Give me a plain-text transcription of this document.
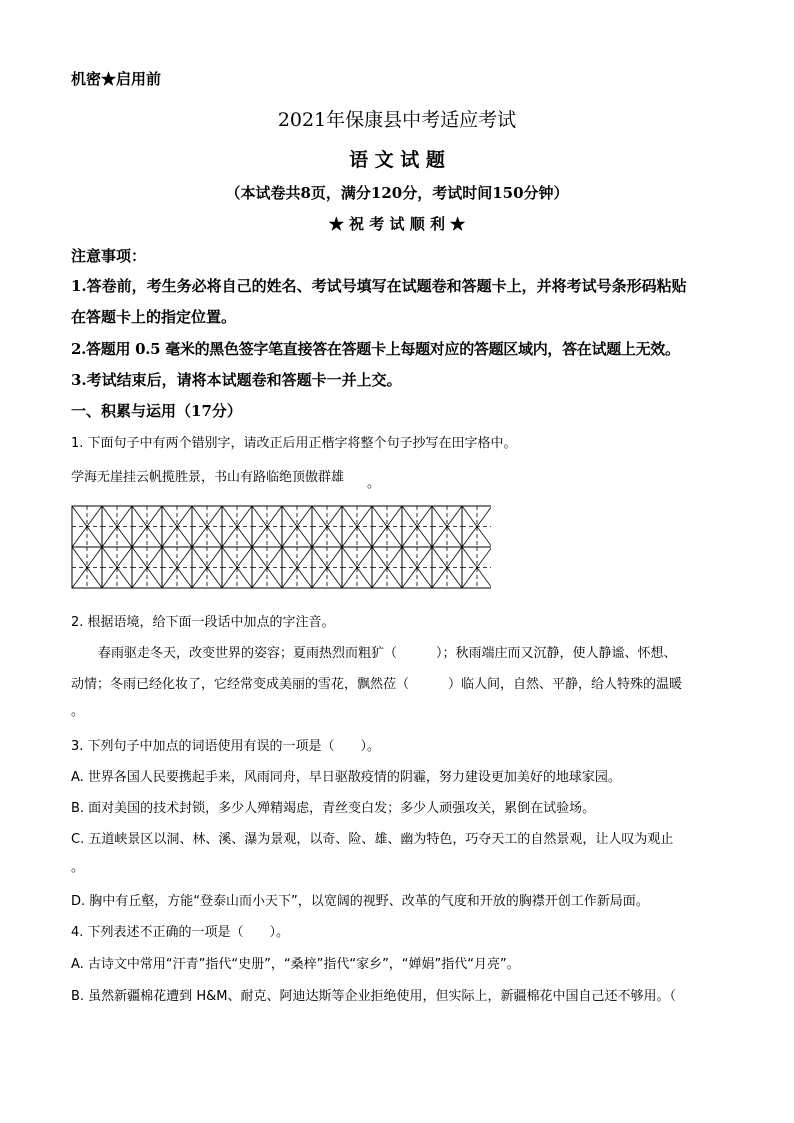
机密★启用前
2021年保康县中考适应考试
语 文 试 题
（本试卷共8页，满分120分，考试时间150分钟）
★ 祝 考 试 顺 利 ★
注意事项：
1.答卷前，考生务必将自己的姓名、考试号填写在试题卷和答题卡上，并将考试号条形码粘贴
在答题卡上的指定位置。
2.答题用 0.5 毫米的黑色签字笔直接答在答题卡上每题对应的答题区域内，答在试题上无效。
3.考试结束后，请将本试题卷和答题卡一并上交。
一、积累与运用（17分）
1. 下面句子中有两个错别字，请改正后用正楷字将整个句子抄写在田字格中。
学海无崖挂云帆揽胜景，书山有路临绝顶傲群雄 。
2. 根据语境，给下面一段话中加点的字注音。
春雨驱走冬天，改变世界的姿容；夏雨热烈而粗犷（　　　）；秋雨端庄而又沉静，使人静谧、怀想、
动情；冬雨已经化妆了，它经常变成美丽的雪花，飘然莅（　　　）临人间，自然、平静，给人特殊的温暖
。
3. 下列句子中加点的词语使用有误的一项是（　　）。
A. 世界各国人民要携起手来，风雨同舟，早日驱散疫情的阴霾，努力建设更加美好的地球家园。
B. 面对美国的技术封锁，多少人殚精竭虑，青丝变白发；多少人顽强攻关，累倒在试验场。
C. 五道峡景区以洞、林、溪、瀑为景观，以奇、险、雄、幽为特色，巧夺天工的自然景观，让人叹为观止
。
D. 胸中有丘壑，方能“登泰山而小天下”，以宽阔的视野、改革的气度和开放的胸襟开创工作新局面。
4. 下列表述不正确的一项是（　　）。
A. 古诗文中常用“汗青”指代“史册”，“桑梓”指代“家乡”，“婵娟”指代“月亮”。
B. 虽然新疆棉花遭到 H&M、耐克、阿迪达斯等企业拒绝使用，但实际上，新疆棉花中国自己还不够用。（
